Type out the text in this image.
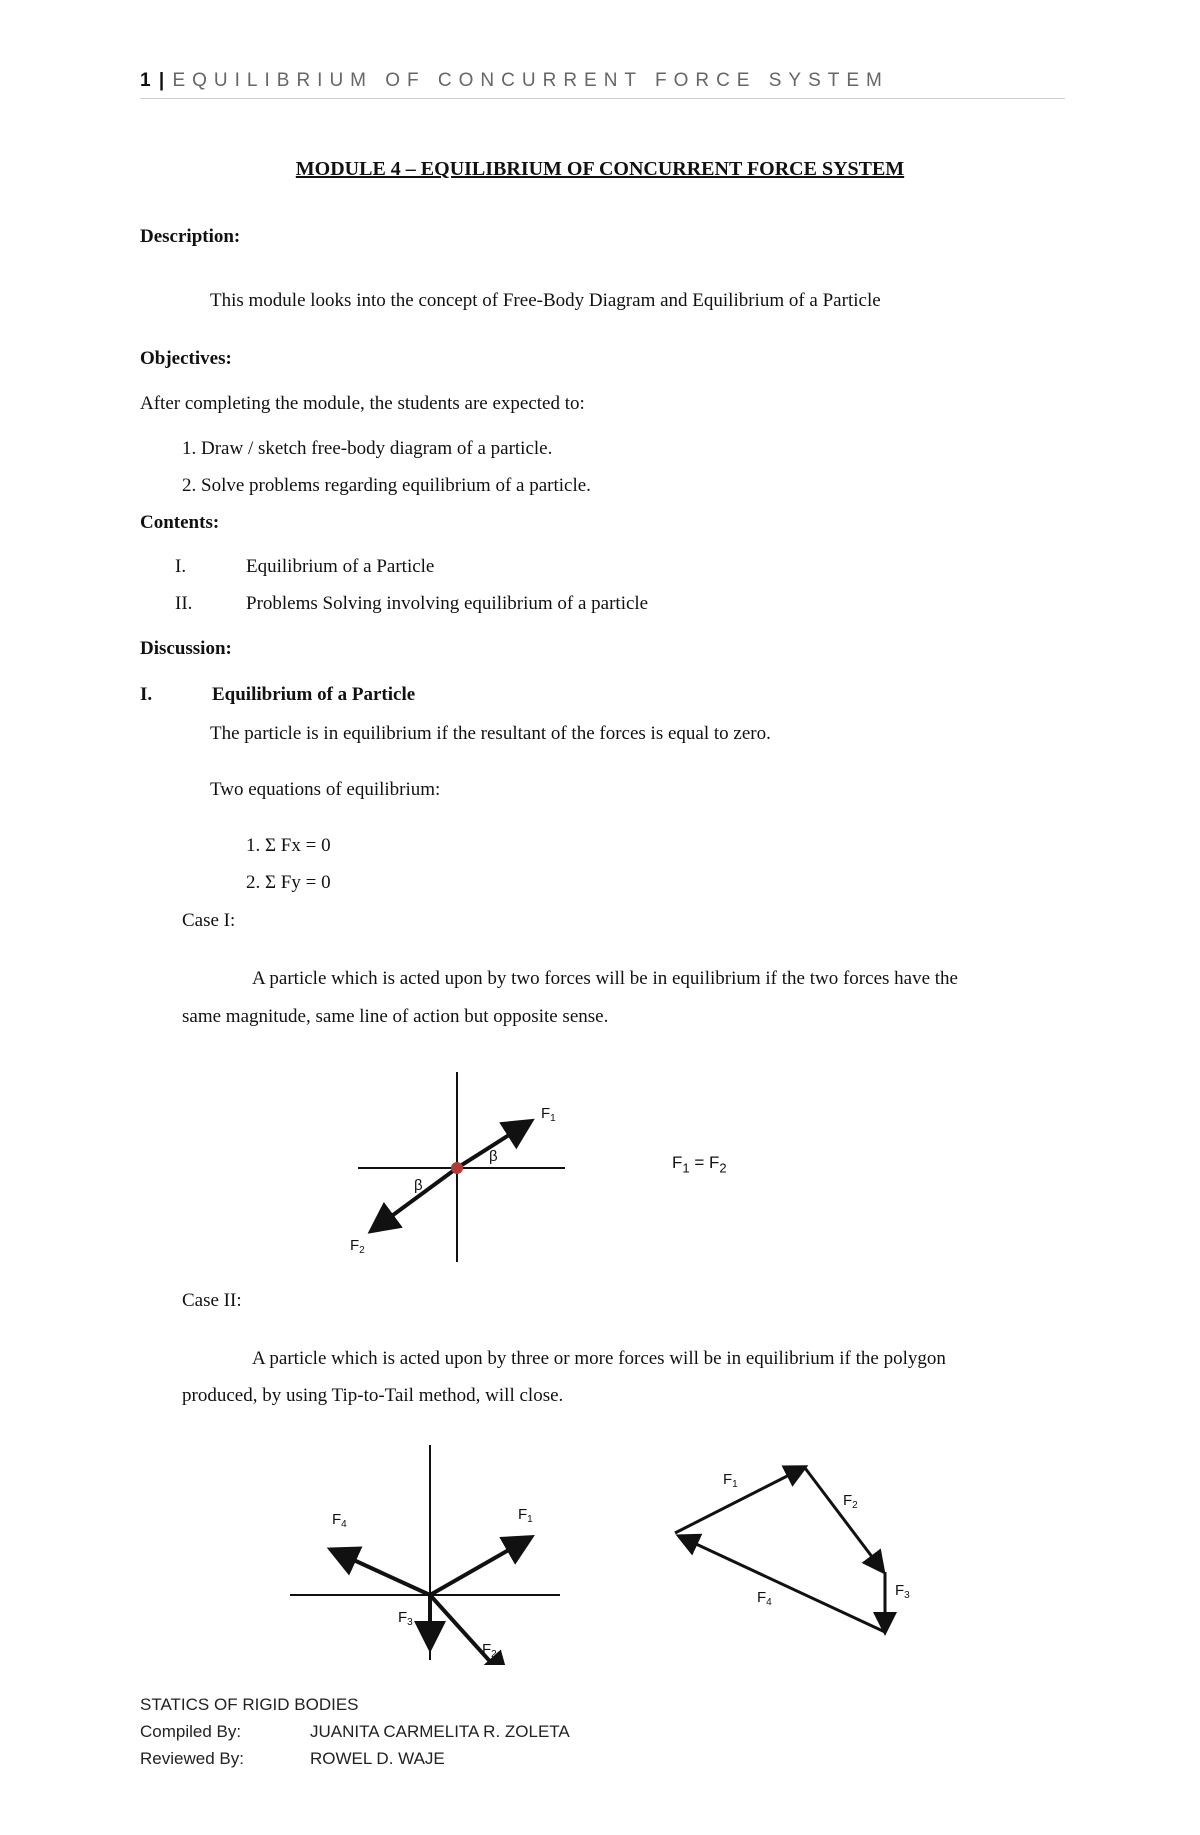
1 | EQUILIBRIUM OF CONCURRENT FORCE SYSTEM
MODULE 4 – EQUILIBRIUM OF CONCURRENT FORCE SYSTEM
Description:
This module looks into the concept of Free-Body Diagram and Equilibrium of a Particle
Objectives:
After completing the module, the students are expected to:
1. Draw / sketch free-body diagram of a particle.
2. Solve problems regarding equilibrium of a particle.
Contents:
I.	Equilibrium of a Particle
II.	Problems Solving involving equilibrium of a particle
Discussion:
I.	Equilibrium of a Particle
The particle is in equilibrium if the resultant of the forces is equal to zero.
Two equations of equilibrium:
1. Σ Fx = 0
2. Σ Fy = 0
Case I:
A particle which is acted upon by two forces will be in equilibrium if the two forces have the
same magnitude, same line of action but opposite sense.
$F_1$
$F_2$
β
β
$F_1 = F_2$
Case II:
A particle which is acted upon by three or more forces will be in equilibrium if the polygon
produced, by using Tip-to-Tail method, will close.
$F_1$
$F_2$
$F_3$
$F_4$
$F_1$
$F_2$
$F_3$
$F_4$
STATICS OF RIGID BODIES
Compiled By:	JUANITA CARMELITA R. ZOLETA
Reviewed By:	ROWEL D. WAJE
